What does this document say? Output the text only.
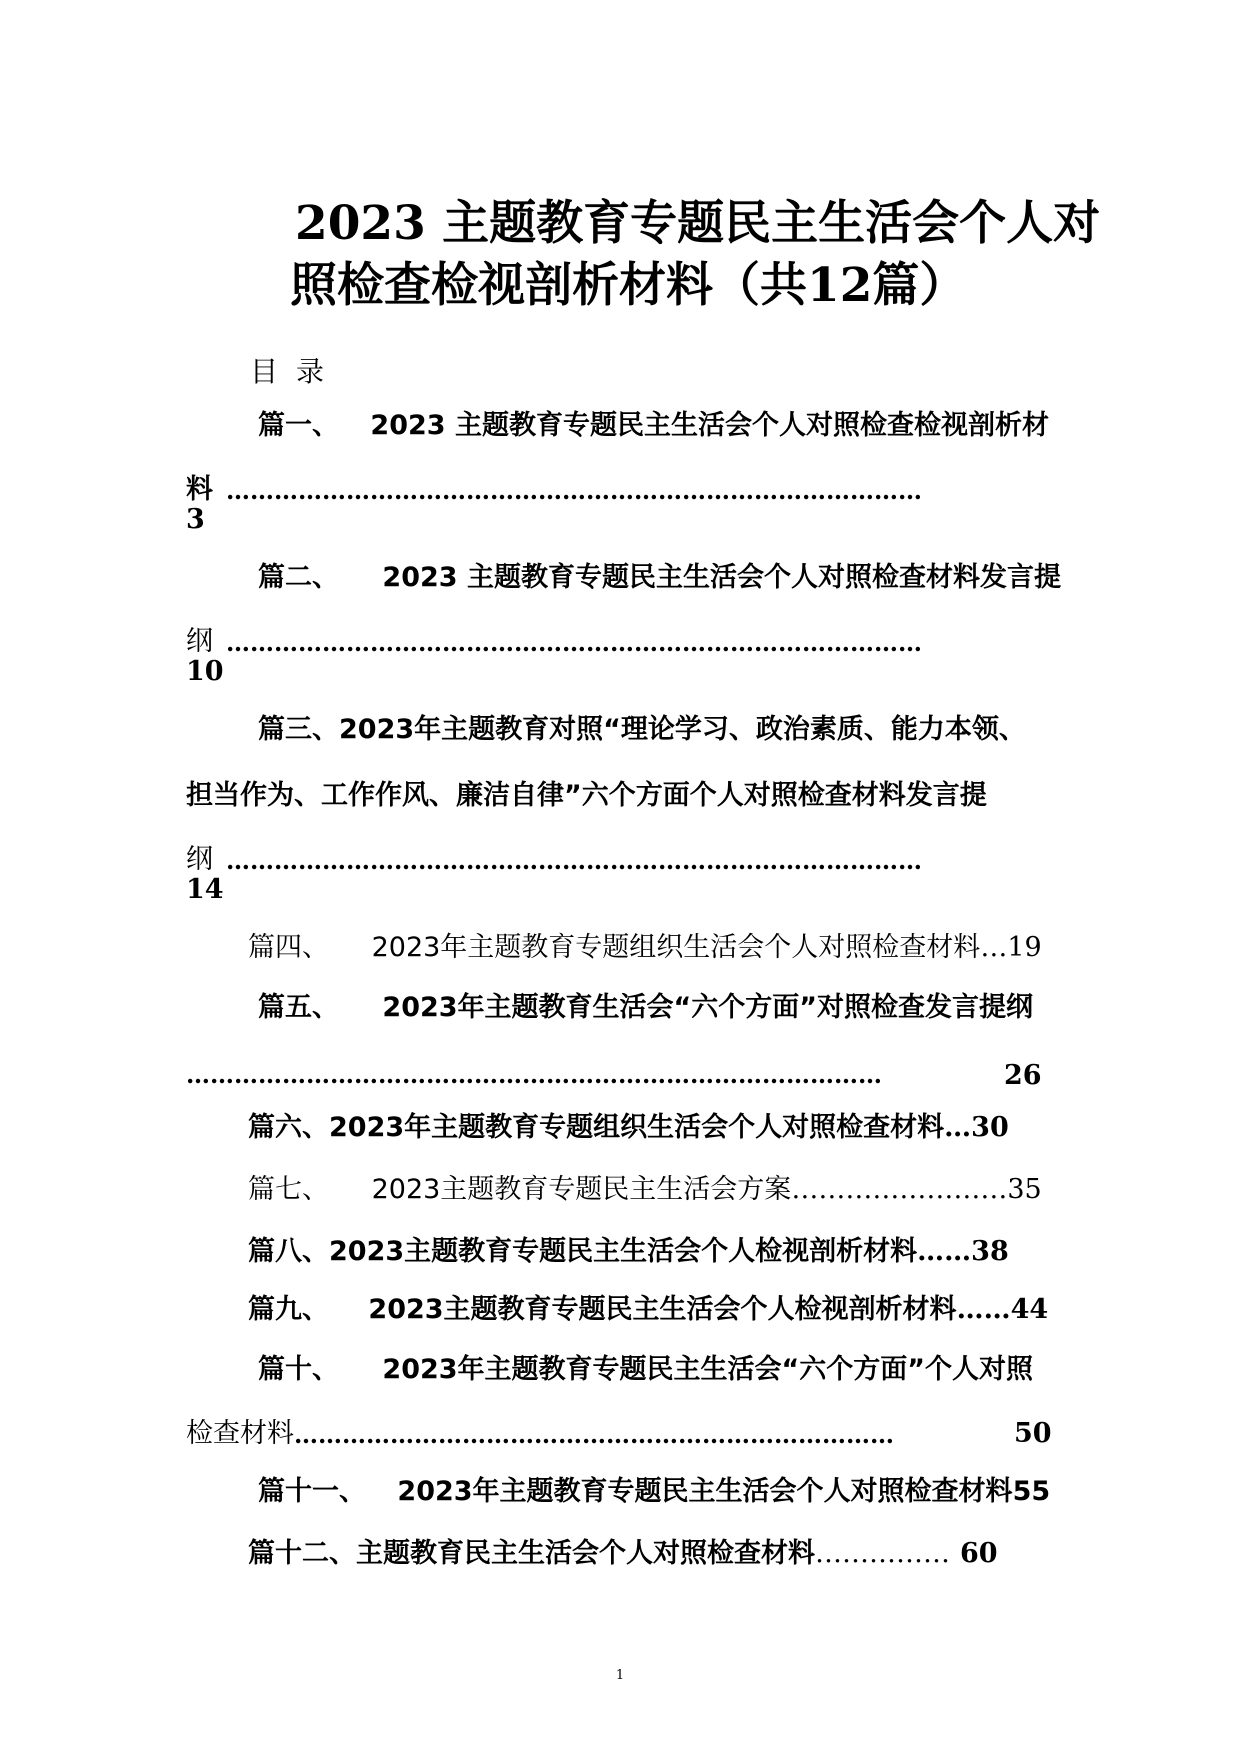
2023 主题教育专题民主生活会个人对
照检查检视剖析材料（共12篇）
目录
篇一、 2023 主题教育专题民主生活会个人对照检查检视剖析材
料 ……………………………………………………………………………
3
篇二、 2023 主题教育专题民主生活会个人对照检查材料发言提
纲 ……………………………………………………………………………
10
篇三、2023年主题教育对照“理论学习、政治素质、能力本领、
担当作为、工作作风、廉洁自律”六个方面个人对照检查材料发言提
纲 ……………………………………………………………………………
14
篇四、 2023年主题教育专题组织生活会个人对照检查材料…19
篇五、 2023年主题教育生活会“六个方面”对照检查发言提纲
……………………………………………………………………………	26
篇六、2023年主题教育专题组织生活会个人对照检查材料…30
篇七、 2023主题教育专题民主生活会方案……………………35
篇八、2023主题教育专题民主生活会个人检视剖析材料……38
篇九、 2023主题教育专题民主生活会个人检视剖析材料……44
篇十、 2023年主题教育专题民主生活会“六个方面”个人对照
检查材料 …………………………………………………………………	50
篇十一、 2023年主题教育专题民主生活会个人对照检查材料55
篇十二、主题教育民主生活会个人对照检查材料…………… 60
1
